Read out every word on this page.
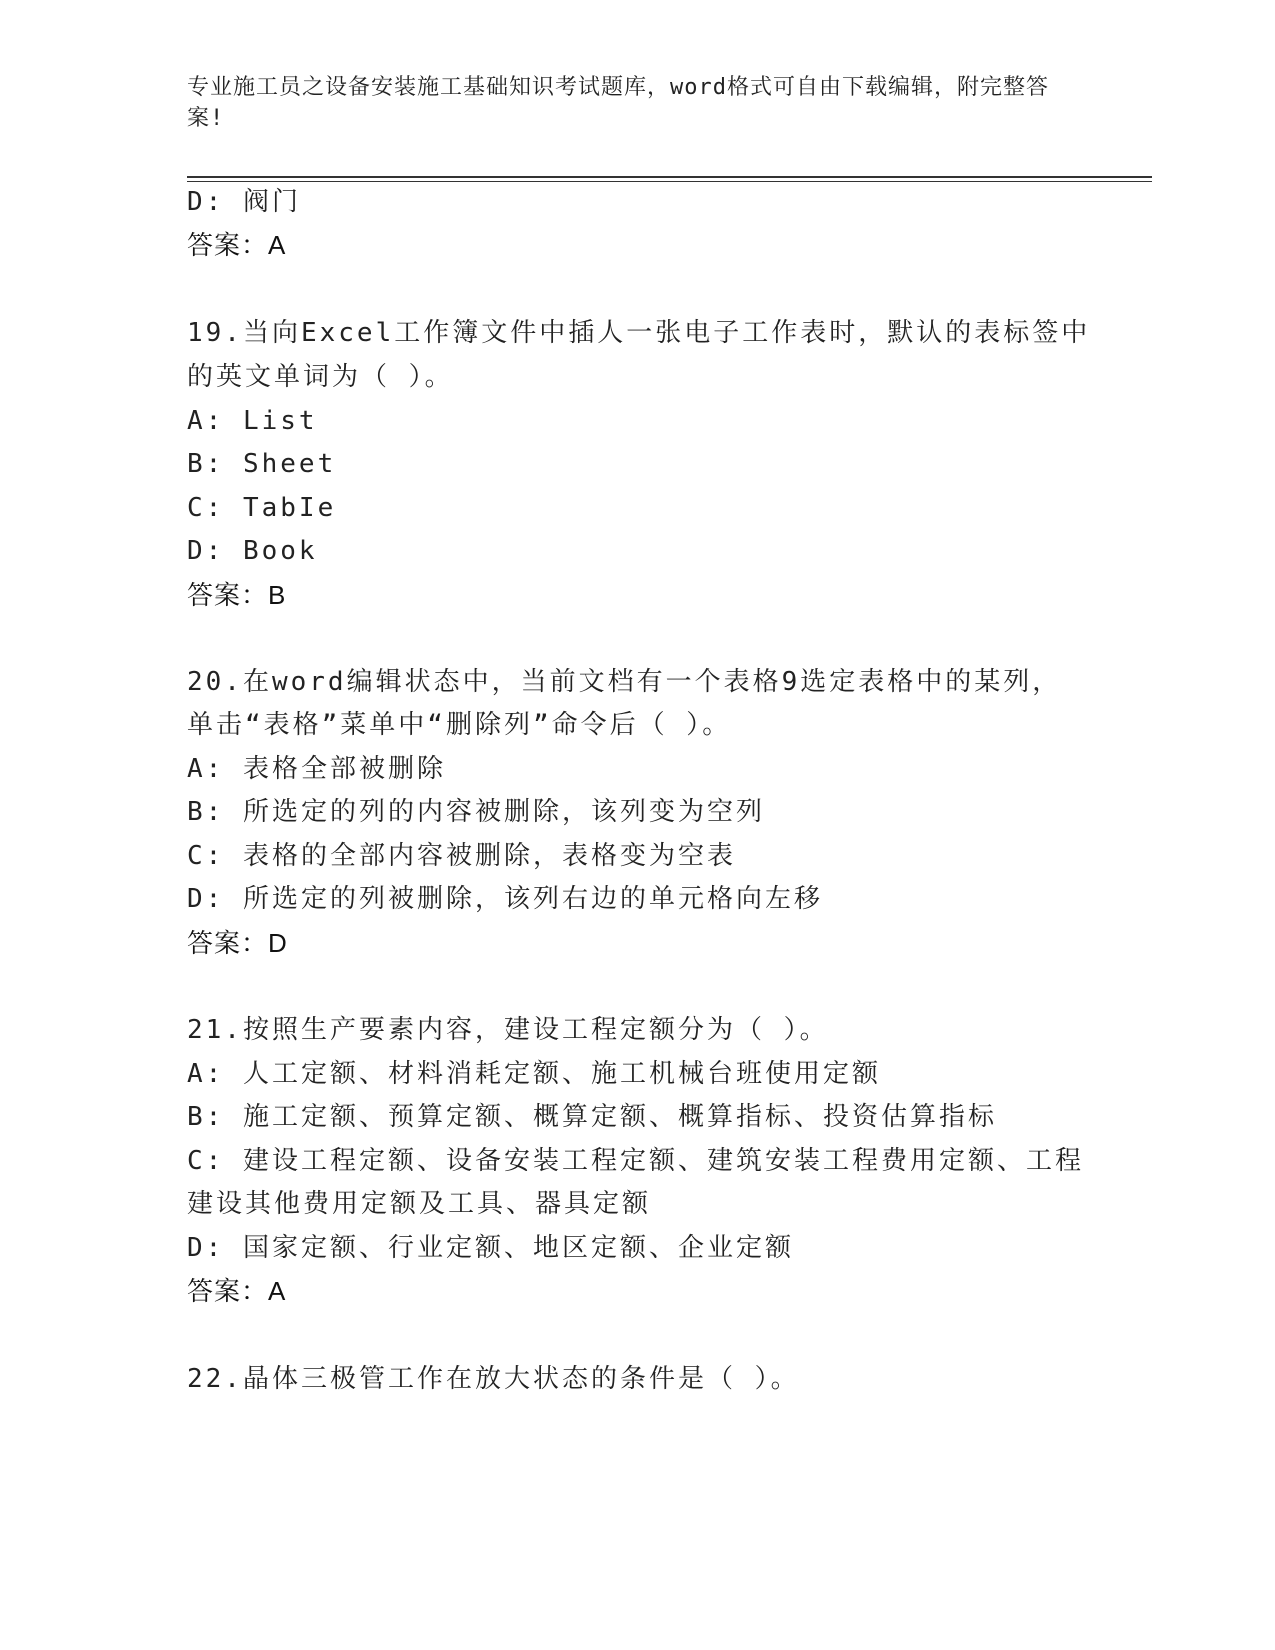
专业施工员之设备安装施工基础知识考试题库，word格式可自由下载编辑，附完整答案!
D: 阀门
答案：A
19.当向Excel工作簿文件中插人一张电子工作表时，默认的表标签中
的英文单词为（ ）。
A: List
B: Sheet
C: TabIe
D: Book
答案：B
20.在word编辑状态中，当前文档有一个表格9选定表格中的某列，
单击“表格”菜单中“删除列”命令后（ ）。
A: 表格全部被删除
B: 所选定的列的内容被删除，该列变为空列
C: 表格的全部内容被删除，表格变为空表
D: 所选定的列被删除，该列右边的单元格向左移
答案：D
21.按照生产要素内容，建设工程定额分为（ ）。
A: 人工定额、材料消耗定额、施工机械台班使用定额
B: 施工定额、预算定额、概算定额、概算指标、投资估算指标
C: 建设工程定额、设备安装工程定额、建筑安装工程费用定额、工程
建设其他费用定额及工具、器具定额
D: 国家定额、行业定额、地区定额、企业定额
答案：A
22.晶体三极管工作在放大状态的条件是（ ）。
